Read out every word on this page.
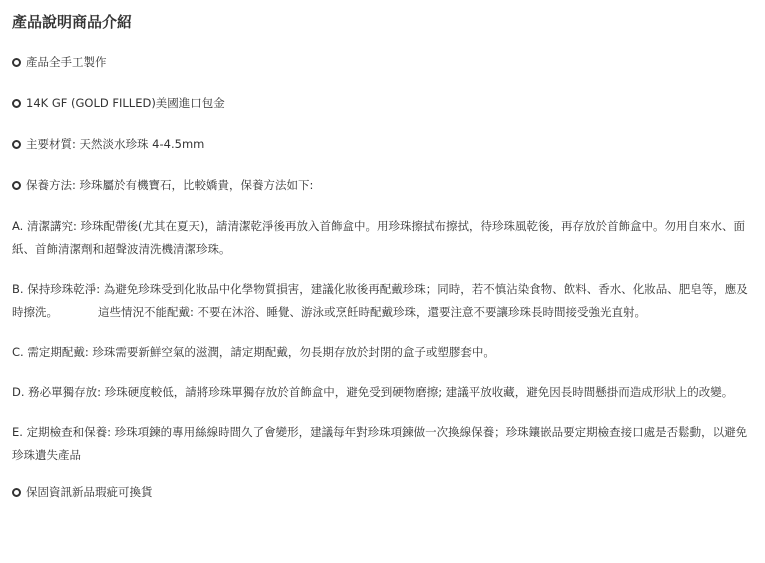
產品說明商品介紹
產品全手工製作
14K GF (GOLD FILLED)美國進口包金
主要材質: 天然淡水珍珠 4-4.5mm
保養方法: 珍珠屬於有機寶石，比較嬌貴，保養方法如下:

A. 清潔講究: 珍珠配帶後(尤其在夏天)，請清潔乾淨後再放入首飾盒中。用珍珠擦拭布擦拭，待珍珠風乾後，再存放於首飾盒中。勿用自來水、面紙、首飾清潔劑和超聲波清洗機清潔珍珠。

B. 保持珍珠乾淨: 為避免珍珠受到化妝品中化學物質損害，建議化妝後再配戴珍珠；同時，若不慎沾染食物、飲料、香水、化妝品、肥皂等，應及時擦洗。	這些情況不能配戴: 不要在沐浴、睡覺、游泳或烹飪時配戴珍珠，還要注意不要讓珍珠長時間接受強光直射。

C. 需定期配戴: 珍珠需要新鮮空氣的滋潤，請定期配戴，勿長期存放於封閉的盒子或塑膠套中。

D. 務必單獨存放: 珍珠硬度較低，請將珍珠單獨存放於首飾盒中，避免受到硬物磨擦; 建議平放收藏，避免因長時間懸掛而造成形狀上的改變。

E. 定期檢查和保養: 珍珠項鍊的專用絲線時間久了會變形，建議每年對珍珠項鍊做一次換線保養；珍珠鑲嵌品要定期檢查接口處是否鬆動，以避免珍珠遺失產品

保固資訊新品瑕疵可換貨
